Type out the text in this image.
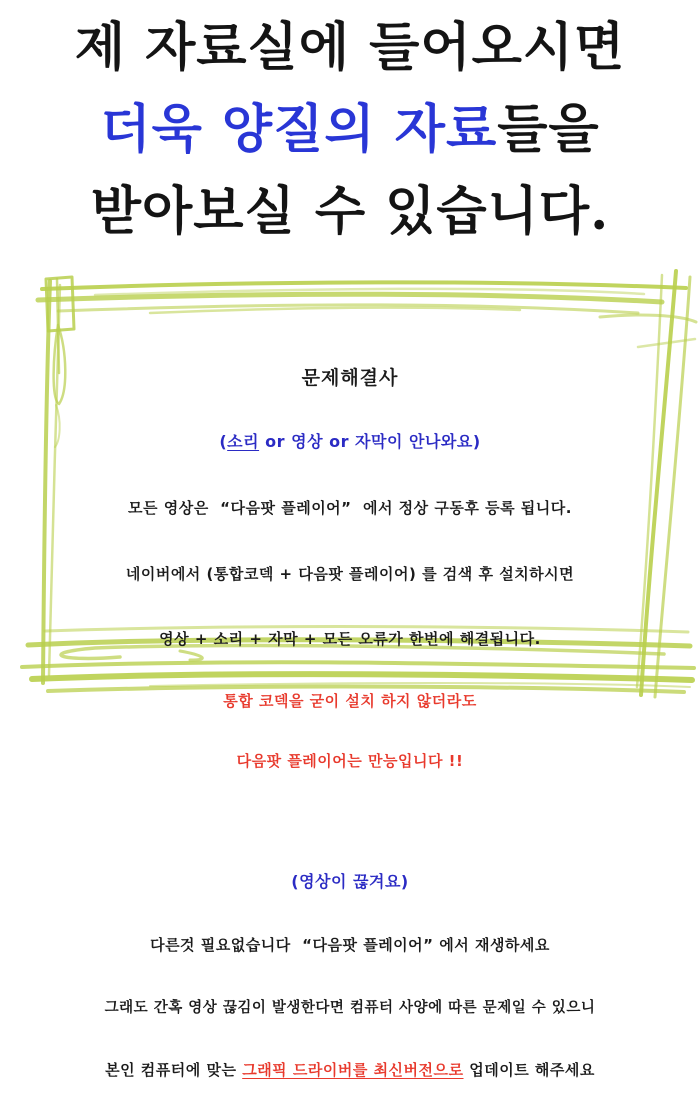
제 자료실에 들어오시면
더욱 양질의 자료들을
받아보실 수 있습니다.

문제해결사

(소리 or 영상 or 자막이 안나와요)

모든 영상은  “다음팟 플레이어”  에서 정상 구동후 등록 됩니다.

네이버에서 (통합코덱 + 다음팟 플레이어) 를 검색 후 설치하시면

영상 + 소리 + 자막 + 모든 오류가 한번에 해결됩니다.

통합 코덱을 굳이 설치 하지 않더라도

다음팟 플레이어는 만능입니다 !!

(영상이 끊겨요)

다른것 필요없습니다  “다음팟 플레이어” 에서 재생하세요

그래도 간혹 영상 끊김이 발생한다면 컴퓨터 사양에 따른 문제일 수 있으니

본인 컴퓨터에 맞는 그래픽 드라이버를 최신버전으로 업데이트 해주세요
